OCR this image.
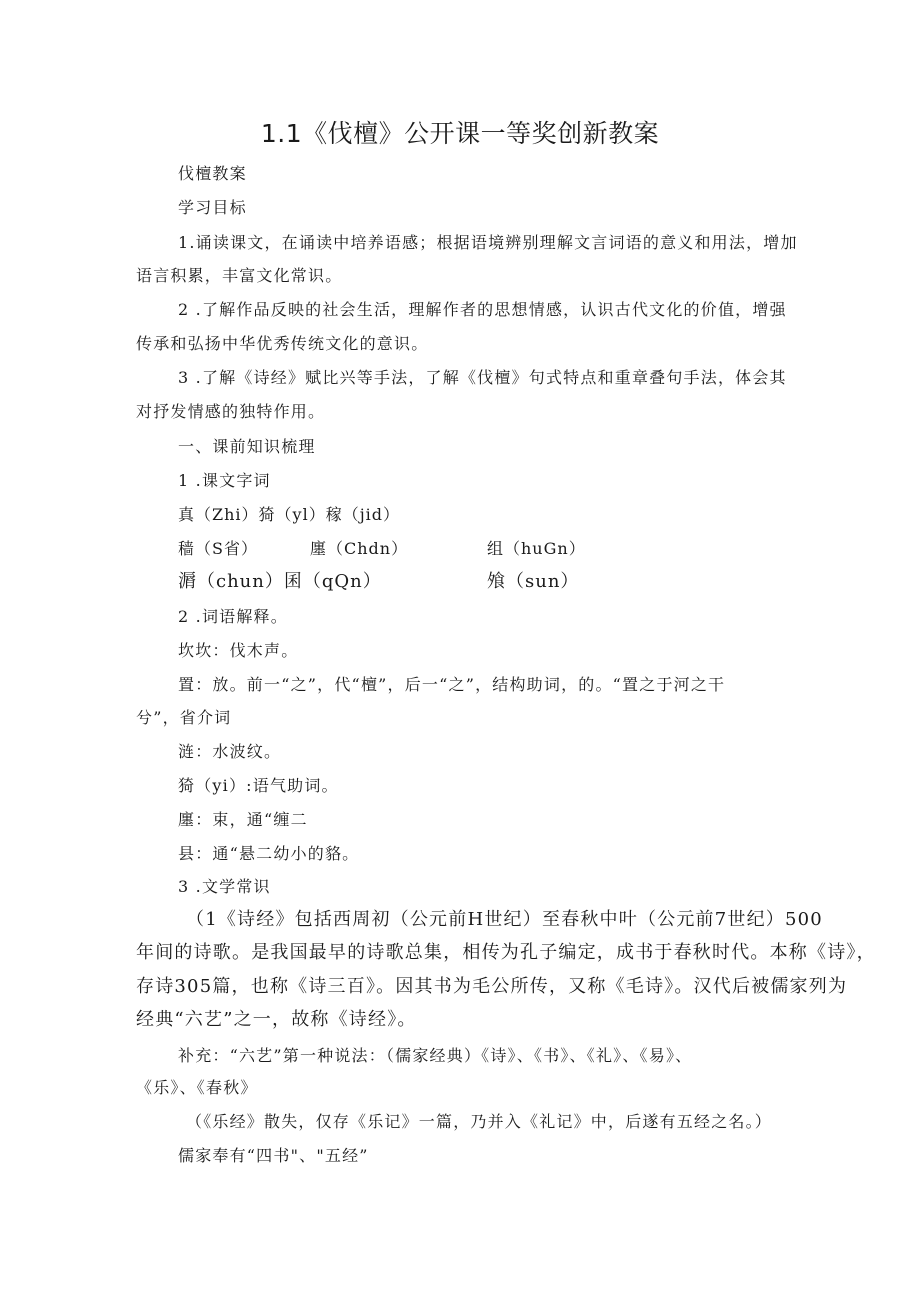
1.1《伐檀》公开课一等奖创新教案
伐檀教案
学习目标
1.诵读课文，在诵读中培养语感；根据语境辨别理解文言词语的意义和用法，增加
语言积累，丰富文化常识。
2 .了解作品反映的社会生活，理解作者的思想情感，认识古代文化的价值，增强
传承和弘扬中华优秀传统文化的意识。
3 .了解《诗经》赋比兴等手法，了解《伐檀》句式特点和重章叠句手法，体会其
对抒发情感的独特作用。
一、课前知识梳理
1 .课文字词
真（Zhi）猗（yl）稼（jid）
穑（S省）	廛（Chdn）	组（huGn）
漘（chun）囷（qQn）	飧（sun）
2 .词语解释。
坎坎：伐木声。
置：放。前一“之”，代“檀”，后一“之”，结构助词，的。“置之于河之干
兮”，省介词
涟：水波纹。
猗（yi）:语气助词。
廛：束，通“缠二
县：通“悬二幼小的貉。
3 .文学常识
（1《诗经》包括西周初（公元前H世纪）至春秋中叶（公元前7世纪）500
年间的诗歌。是我国最早的诗歌总集，相传为孔子编定，成书于春秋时代。本称《诗》，
存诗305篇，也称《诗三百》。因其书为毛公所传，又称《毛诗》。汉代后被儒家列为
经典“六艺”之一，故称《诗经》。
补充：“六艺”第一种说法：（儒家经典）《诗》、《书》、《礼》、《易》、
《乐》、《春秋》
（《乐经》散失，仅存《乐记》一篇，乃并入《礼记》中，后遂有五经之名。）
儒家奉有“四书"、"五经”
